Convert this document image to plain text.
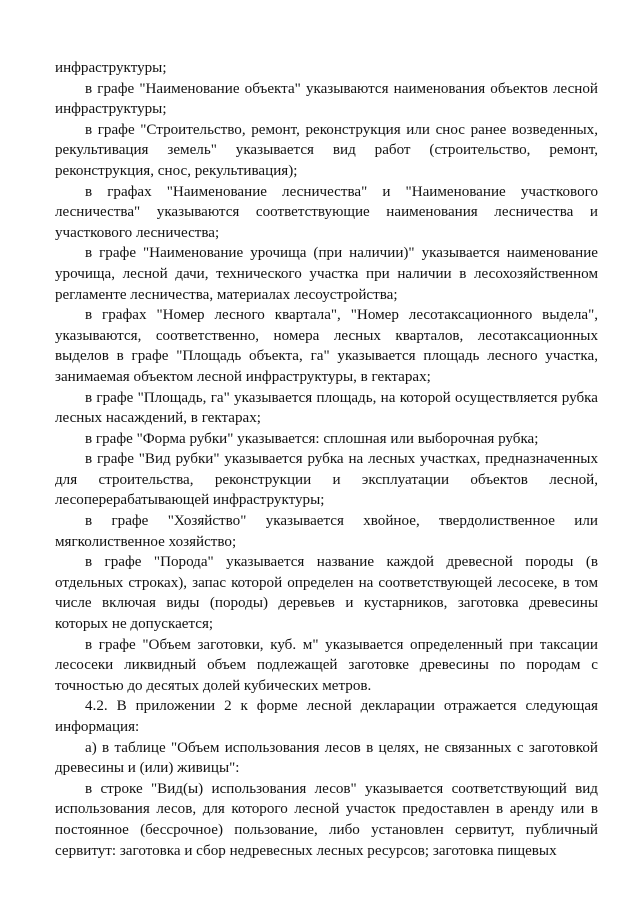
инфраструктуры;

в графе "Наименование объекта" указываются наименования объектов лесной инфраструктуры;

в графе "Строительство, ремонт, реконструкция или снос ранее возведенных, рекультивация земель" указывается вид работ (строительство, ремонт, реконструкция, снос, рекультивация);

в графах "Наименование лесничества" и "Наименование участкового лесничества" указываются соответствующие наименования лесничества и участкового лесничества;

в графе "Наименование урочища (при наличии)" указывается наименование урочища, лесной дачи, технического участка при наличии в лесохозяйственном регламенте лесничества, материалах лесоустройства;

в графах "Номер лесного квартала", "Номер лесотаксационного выдела", указываются, соответственно, номера лесных кварталов, лесотаксационных выделов в графе "Площадь объекта, га" указывается площадь лесного участка, занимаемая объектом лесной инфраструктуры, в гектарах;

в графе "Площадь, га" указывается площадь, на которой осуществляется рубка лесных насаждений, в гектарах;

в графе "Форма рубки" указывается: сплошная или выборочная рубка;

в графе "Вид рубки" указывается рубка на лесных участках, предназначенных для строительства, реконструкции и эксплуатации объектов лесной, лесоперерабатывающей инфраструктуры;

в графе "Хозяйство" указывается хвойное, твердолиственное или мягколиственное хозяйство;

в графе "Порода" указывается название каждой древесной породы (в отдельных строках), запас которой определен на соответствующей лесосеке, в том числе включая виды (породы) деревьев и кустарников, заготовка древесины которых не допускается;

в графе "Объем заготовки, куб. м" указывается определенный при таксации лесосеки ликвидный объем подлежащей заготовке древесины по породам с точностью до десятых долей кубических метров.

4.2. В приложении 2 к форме лесной декларации отражается следующая информация:

а) в таблице "Объем использования лесов в целях, не связанных с заготовкой древесины и (или) живицы":

в строке "Вид(ы) использования лесов" указывается соответствующий вид использования лесов, для которого лесной участок предоставлен в аренду или в постоянное (бессрочное) пользование, либо установлен сервитут, публичный сервитут: заготовка и сбор недревесных лесных ресурсов; заготовка пищевых
